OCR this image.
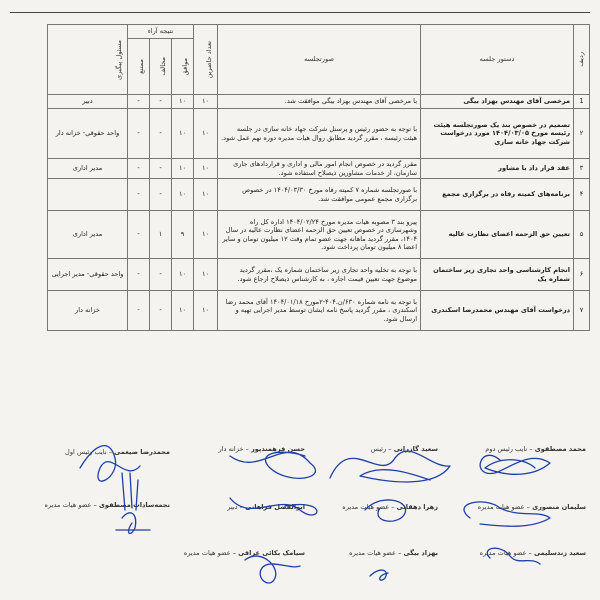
ردیف	دستور جلسه	صورتجلسه	تعداد حاضرین	نتیجه آراء			مسئول پیگیری

				موافق	مخالف	ممتنع	

1	مرخصی آقای مهندس بهزاد بیگی	با مرخصی آقای مهندس بهزاد بیگی موافقت شد.	۱۰	۱۰	-	-	دبیر
۲	تصمیم در خصوص بند یک صورتجلسه هیئت رئیسه مورخ ۱۴۰۴/۰۳/۰۵ مورد درخواست شرکت جهاد خانه سازی	با توجه به حضور رئیس و پرسنل شرکت جهاد خانه سازی در جلسه هیئت رئیسه ، مقرر گردید مطابق روال هیات مدیره دوره نهم عمل شود.	۱۰	۱۰	-	-	واحد حقوقی- خزانه دار
۳	عقد قرار داد با مشاور	مقرر گردید در خصوص انجام امور مالی و اداری و قراردادهای جاری سازمان، از خدمات مشاورین ذیصلاح استفاده شود.	۱۰	۱۰	-	-	مدیر اداری
۴	برنامه‌های کمیته رفاه در برگزاری مجمع	با صورتجلسه شماره ۷ کمیته رفاه مورخ ۱۴۰۴/۰۳/۳۰ در خصوص برگزاری مجمع عمومی موافقت شد.	۱۰	۱۰	-	-	
۵	تعیین حق الزحمه اعضای نظارت عالیه	پیرو بند ۳ مصوبه هیات مدیره مورخ ۱۴۰۴/۰۲/۲۴ اداره کل راه وشهرسازی در خصوص تعیین حق الزحمه اعضای نظارت عالیه در سال ۱۴۰۴، مقرر گردید ماهانه جهت عضو تمام وقت ۱۲ میلیون تومان و سایر اعضا ۸ میلیون تومان پرداخت شود.	۱۰	۹	۱	-	مدیر اداری
۶	انجام کارشناسی واحد تجاری زیر ساختمان شماره یک	با توجه به تخلیه واحد تجاری زیر ساختمان شماره یک ،مقرر گردید موضوع جهت تعیین قیمت اجاره ، به کارشناس ذیصلاح ارجاع شود.	۱۰	۱۰	-	-	واحد حقوقی- مدیر اجرایی
۷	درخواست آقای مهندس محمدرضا اسکندری	با توجه به نامه شماره ۶۳۰/ن.۴۰۴-۲مورخ ۱۴۰۴/۰۱/۱۸ آقای محمد رضا اسکندری ، مقرر گردید پاسخ نامه ایشان توسط مدیر اجرایی تهیه و ارسال شود.	۱۰	۱۰	-	-	خزانه دار
محمد مصطفوی – نایب رئیس دوم
سعید گازرانی – رئیس
حسن فرهمندپور – خزانه دار
محمدرضا ضیغمی – نایب رئیس اول
سلیمان منصوری – عضو هیات مدیره
زهرا دهقانی – عضو هیات مدیره
ابوالفضل فراهانی – دبیر
نجمه‌سادات مصطفوی – عضو هیات مدیره
سعید زندسلیمی – عضو هیات مدیره
بهزاد بیگی – عضو هیات مدیره
سیامک بکائی عراقی – عضو هیات مدیره
